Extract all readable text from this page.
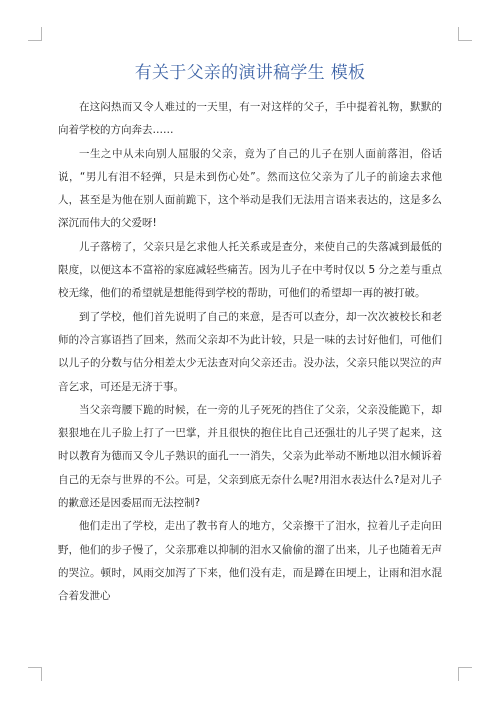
有关于父亲的演讲稿学生 模板

在这闷热而又令人难过的一天里，有一对这样的父子，手中提着礼物，默默的向着学校的方向奔去……

一生之中从未向别人屈服的父亲，竟为了自己的儿子在别人面前落泪，俗话说，“男儿有泪不轻弹，只是未到伤心处”。然而这位父亲为了儿子的前途去求他人，甚至是为他在别人面前跪下，这个举动是我们无法用言语来表达的，这是多么深沉而伟大的父爱呀!

儿子落榜了，父亲只是乞求他人托关系或是查分，来使自己的失落减到最低的限度，以便这本不富裕的家庭减轻些痛苦。因为儿子在中考时仅以 5 分之差与重点校无缘，他们的希望就是想能得到学校的帮助，可他们的希望却一再的被打破。

到了学校，他们首先说明了自己的来意，是否可以查分，却一次次被校长和老师的冷言寡语挡了回来，然而父亲却不为此计较，只是一味的去讨好他们，可他们以儿子的分数与估分相差太少无法查对向父亲还击。没办法，父亲只能以哭泣的声音乞求，可还是无济于事。

当父亲弯腰下跪的时候，在一旁的儿子死死的挡住了父亲，父亲没能跪下，却狠狠地在儿子脸上打了一巴掌，并且很快的抱住比自己还强壮的儿子哭了起来，这时以教育为德而又令儿子熟识的面孔一一消失，父亲为此举动不断地以泪水倾诉着自己的无奈与世界的不公。可是，父亲到底无奈什么呢?用泪水表达什么?是对儿子的歉意还是因委屈而无法控制?

他们走出了学校，走出了教书育人的地方，父亲擦干了泪水，拉着儿子走向田野，他们的步子慢了，父亲那难以抑制的泪水又偷偷的溜了出来，儿子也随着无声的哭泣。顿时，风雨交加泻了下来，他们没有走，而是蹲在田埂上，让雨和泪水混合着发泄心
